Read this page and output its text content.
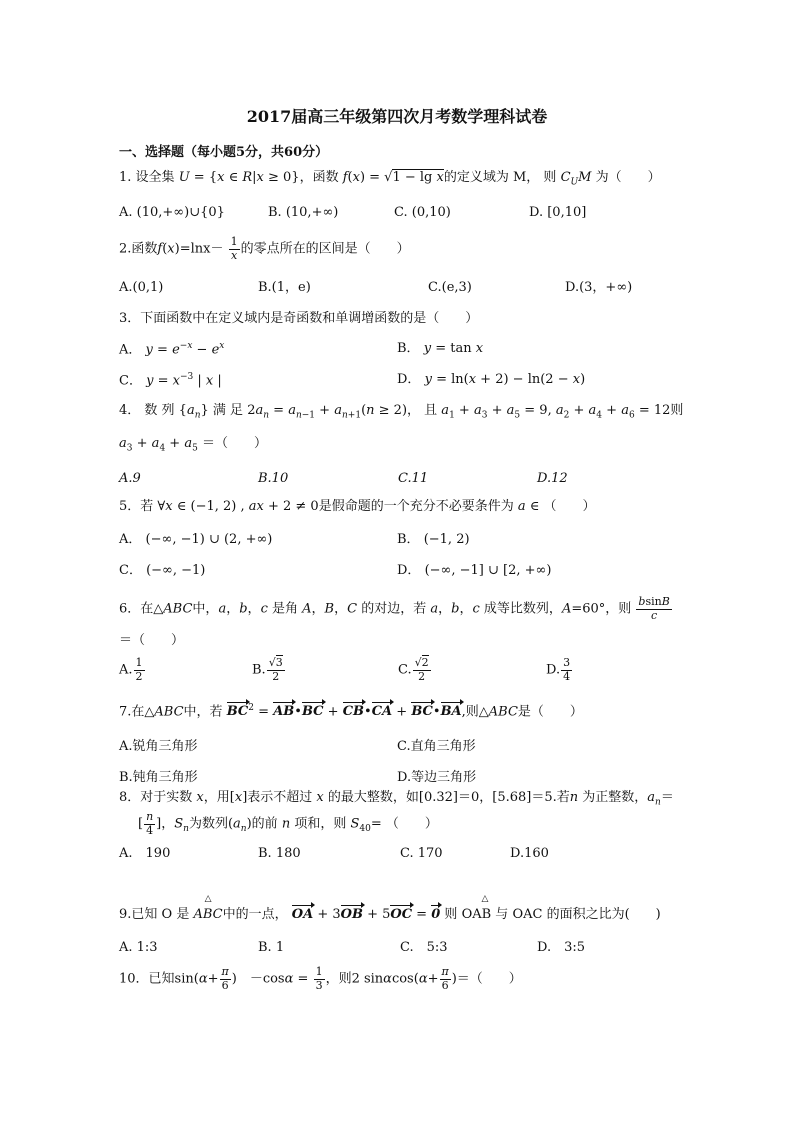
2017届高三年级第四次月考数学理科试卷
一、选择题（每小题5分，共60分）
1. 设全集 U = {x ∈ R|x ≥ 0}，函数 f(x) = √1 − lg x的定义域为 M， 则 $C_UM$ 为（　　）
A. (10,+∞)∪{0}	B. (10,+∞)	C. (0,10)	D. [0,10]
2.函数$f(x)=\ln x- \frac{1}{x}$ 的零点所在的区间是（　　）
A.(0,1)	B.(1，e)	C.(e,3)	D.(3，+∞)
3．下面函数中在定义域内是奇函数和单调增函数的是（　　）
A． $y = e^{-x} - e^x$	B． y = tan x
C． $y = x^{-3}$ | x |	D． y = ln(x + 2) − ln(2 − x)
4． 数 列 $\{a_n\}$ 满 足 $2a_n = a_{n-1} + a_{n+1}(n \ge 2)$， 且 $a_1 + a_3 + a_5 = 9$, $a_2 + a_4 + a_6 = 12$则
$a_3 + a_4 + a_5$ ＝（　　）
A.9	B.10	C.11	D.12
5．若 ∀x ∈ (−1, 2) , ax + 2 ≠ 0是假命题的一个充分不必要条件为 a ∈ （　　）
A． (−∞, −1) ∪ (2, +∞)	B． (−1, 2)
C． (−∞, −1)	D． (−∞, −1] ∪ [2, +∞)
6．在△ABC中，a，b，c 是角 A，B，C 的对边，若 a，b，c 成等比数列，A=60°，则 $\frac{bsinB}{c}$
＝（　　）
A. $\frac{1}{2}$	B. $\frac{√3}{2}$	C. $\frac{√2}{2}$	D. $\frac{3}{4}$
7.在△ABC中，若 $BC^2$ = AB•BC + CB•CA + BC•BA,则△ABC是（　　）
A.锐角三角形	C.直角三角形
B.钝角三角形	D.等边三角形
8．对于实数 x，用[x]表示不超过 x 的最大整数，如[0.32]＝0，[5.68]＝5.若n 为正整数，$a_n=$
[ $\frac{n}{4}$ ]，$S_n$为数列$(a_n)$的前 n 项和，则 $S_{40}=$ （　　）
A.　190	B. 180	C. 170	D.160
9.已知 O 是 △ ABC中的一点， OA + 3OB + 5OC = 0 则 △ OAB 与 OAC 的面积之比为(　　)
A. 1:3	B. 1	C.　5:3	D.　3:5
10．已知$\sin(\alpha+ \frac{\pi}{6}$ )　$-\cos\alpha = \frac{1}{3}$ ，则2 $\sin\alpha\cos(\alpha+ \frac{\pi}{6}$ )＝（　　）
